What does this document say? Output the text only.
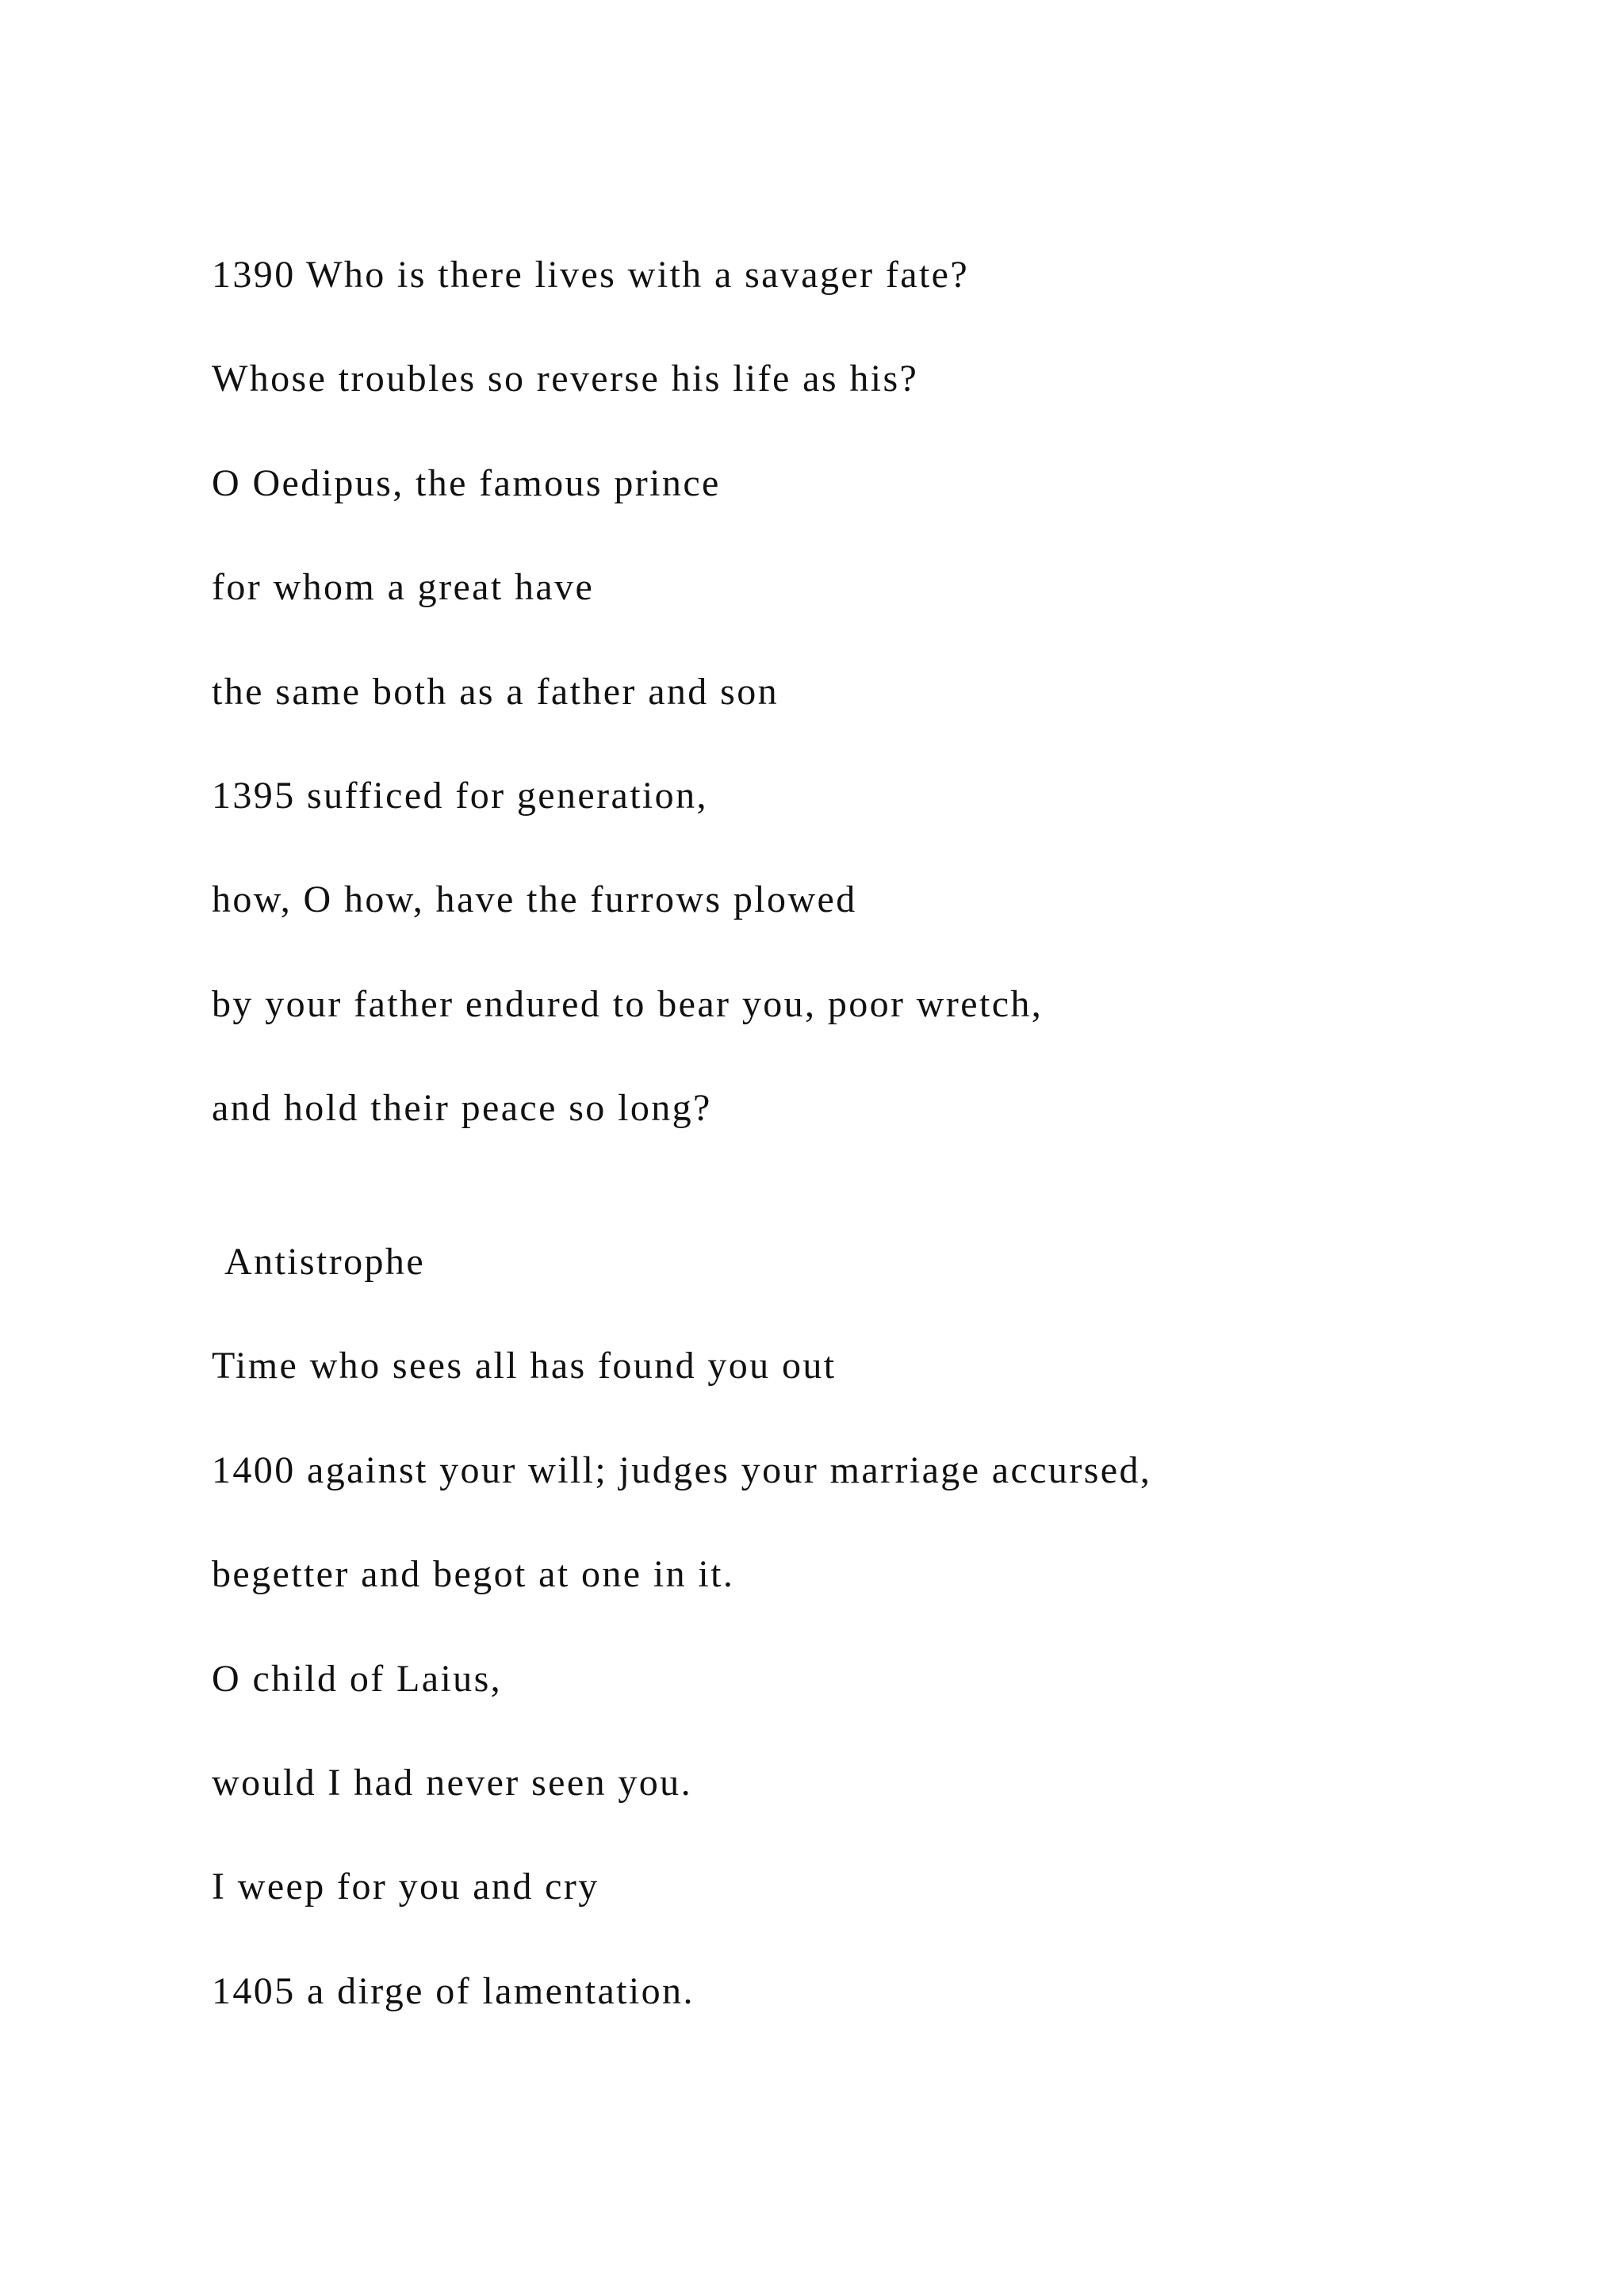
1390 Who is there lives with a savager fate?
Whose troubles so reverse his life as his?
O Oedipus, the famous prince
for whom a great have
the same both as a father and son
1395 sufficed for generation,
how, O how, have the furrows plowed
by your father endured to bear you, poor wretch,
and hold their peace so long?
Antistrophe
Time who sees all has found you out
1400 against your will; judges your marriage accursed,
begetter and begot at one in it.
O child of Laius,
would I had never seen you.
I weep for you and cry
1405 a dirge of lamentation.
